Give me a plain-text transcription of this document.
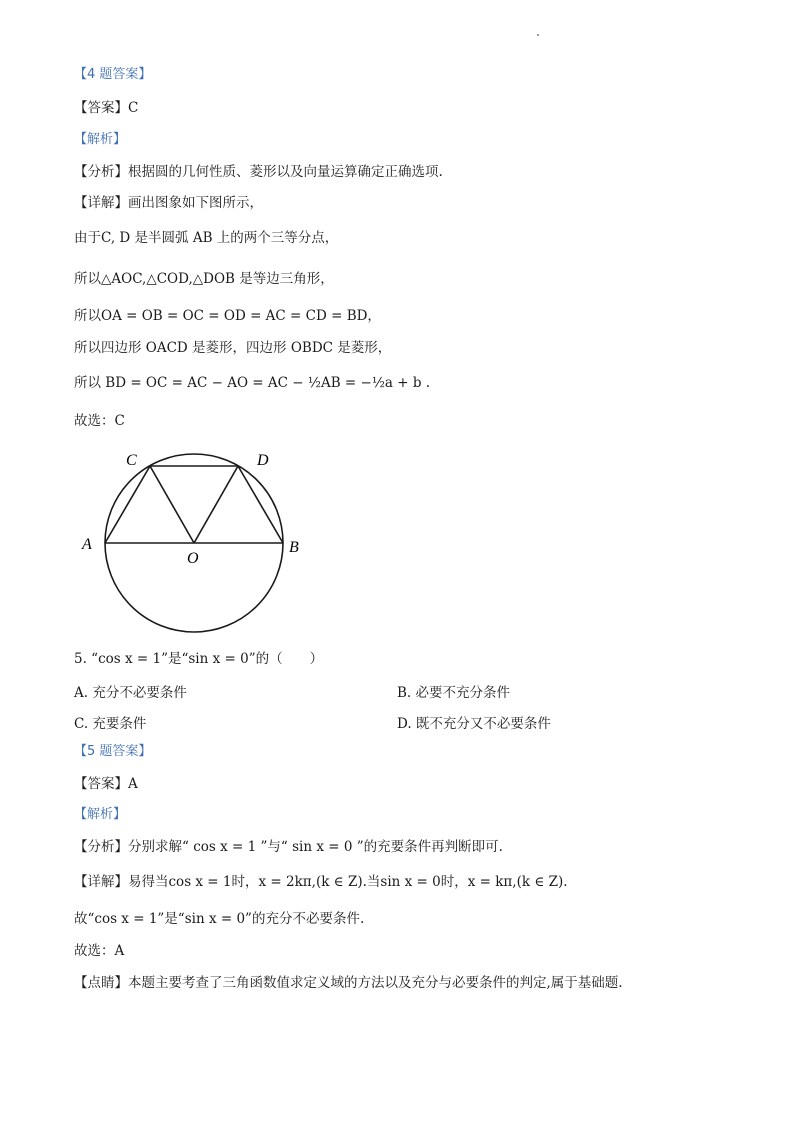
【4 题答案】
【答案】C
【解析】
【分析】根据圆的几何性质、菱形以及向量运算确定正确选项.
【详解】画出图象如下图所示，
由于C, D 是半圆弧 AB 上的两个三等分点，
所以△AOC,△COD,△DOB 是等边三角形，
所以OA = OB = OC = OD = AC = CD = BD，
所以四边形 OACD 是菱形，四边形 OBDC 是菱形，
所以 BD = OC = AC − AO = AC − ½AB = −½a + b .
故选：C
C	D
A
O
B
5. “cos x = 1”是“sin x = 0”的（　　）
A. 充分不必要条件	B. 必要不充分条件
C. 充要条件	D. 既不充分又不必要条件
【5 题答案】
【答案】A
【解析】
【分析】分别求解“ cos x = 1 ”与“ sin x = 0 ”的充要条件再判断即可.
【详解】易得当cos x = 1时，x = 2kπ,(k ∈ Z).当sin x = 0时，x = kπ,(k ∈ Z).
故“cos x = 1”是“sin x = 0”的充分不必要条件.
故选：A
【点睛】本题主要考查了三角函数值求定义域的方法以及充分与必要条件的判定,属于基础题.
